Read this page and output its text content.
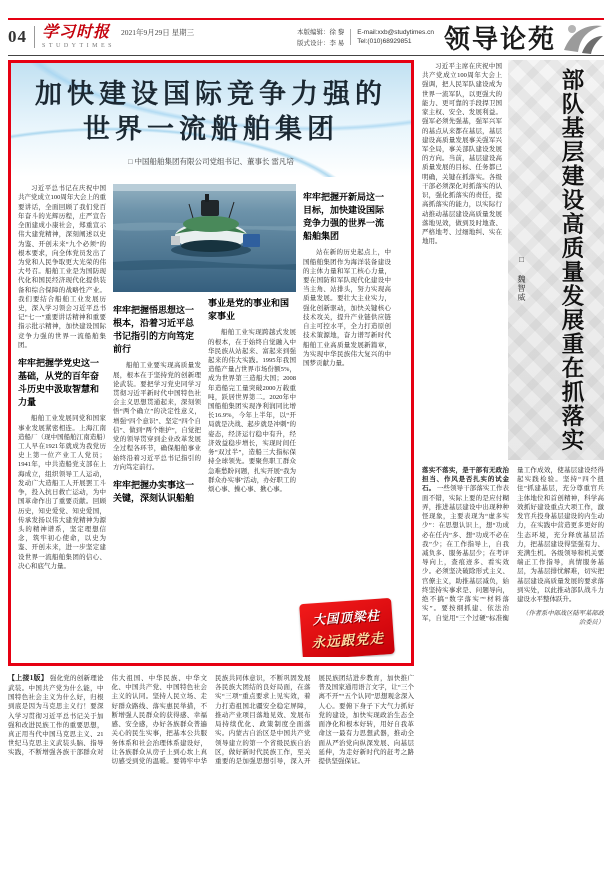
04 学习时报
STUDYTIMES
2021年9月29日 星期三	本版编辑：徐 黎
版式设计：李 易
E-mail:xxb@studytimes.cn
Tel:(010)68929851	领导论苑
加快建设国际竞争力强的
世界一流船舶集团
□ 中国船舶集团有限公司党组书记、董事长 雷凡培

习近平总书记在庆祝中国共产党成立100周年大会上的重要讲话，全面回顾了我们党百年奋斗的光辉历程，庄严宣告全面建成小康社会，郑重宣示伟大建党精神，深刻阐述以史为鉴、开创未来“九个必须”的根本要求，向全体党员发出了为党和人民争取更大光荣的伟大号召。船舶工业是为国防现代化和国民经济现代化提供装备和综合保障的战略性产业。我们要结合船舶工业发展历史，深入学习领会习近平总书记“七一”重要讲话精神和重要指示批示精神，加快建设国际竞争力强的世界一流船舶集团。

牢牢把握学党史这一基础，从党的百年奋斗历史中汲取智慧和力量

船舶工业发展同党和国家事业发展紧密相连。上海江南造船厂（现中国船舶江南造船）工人早在1921年就成为我党历史上第一位产业工人党员；1941年，中共造船党支部在上海成立，组织领导工人运动，发动广大造船工人开展罢工斗争，投入抗日救亡运动，为中国革命作出了重要贡献。回顾历史，知史爱党、知史爱国，传承发扬以伟大建党精神为源头的精神谱系，坚定理想信念，筑牢初心使命，以史为鉴、开创未来，进一步坚定建设世界一流船舶集团的信心、决心和底气力量。

牢牢把握悟思想这一根本，沿着习近平总书记指引的方向笃定前行

船舶工业要实现高质量发展，根本在于坚持党的创新理论武装。要把学习党史同学习贯彻习近平新时代中国特色社会主义思想贯通起来，深刻领悟“两个确立”的决定性意义，增强“四个意识”、坚定“四个自信”、做到“两个维护”，自觉把党的领导贯穿到企业改革发展全过程各环节，确保船舶事业始终沿着习近平总书记指引的方向笃定前行。

牢牢把握办实事这一关键，深刻认识船舶事业是党的事业和国家事业

船舶工业实现跨越式发展的根本，在于始终自觉融入中华民族从站起来、富起来到强起来的伟大实践。1995年我国造船产量占世界市场份额5%，成为世界第三造船大国；2008年造船完工量突破2000万载重吨，跃居世界第二。2020年中国船舶集团实现净利润同比增长16.9%，今年上半年，以“开局就是决战、起步就是冲刺”的姿态，经济运行稳中有升，经济效益稳步增长，实现时间任务“双过半”，造船三大指标保持全球领先。要聚焦职工群众急难愁盼问题，扎实开展“我为群众办实事”活动，办好职工的烦心事、操心事、揪心事。

牢牢把握开新局这一目标，加快建设国际竞争力强的世界一流船舶集团

站在新的历史起点上，中国船舶集团作为海洋装备建设的主体力量和军工核心力量，要在国防和军队现代化建设中当主角、站排头，努力实现高质量发展。要壮大主业实力，强化创新驱动，加快关键核心技术攻关，提升产业链供应链自主可控水平，全力打造原创技术策源地，奋力谱写新时代船舶工业高质量发展新篇章，为实现中华民族伟大复兴的中国梦贡献力量。

大国顶梁柱
永远跟党走

【上接1版】 强化党的创新理论武装。中国共产党为什么能，中国特色社会主义为什么好，归根到底是因为马克思主义行！要深入学习贯彻习近平总书记关于加强和改进民族工作的重要思想，真正用当代中国马克思主义、21世纪马克思主义武装头脑、指导实践，不断增强各族干部群众对伟大祖国、中华民族、中华文化、中国共产党、中国特色社会主义的认同。坚持人民立场、走好群众路线、落实惠民举措，不断增强人民群众的获得感、幸福感、安全感，办好各族群众普遍关心的民生实事，把基本公共服务体系和社会治理体系建设好，让各族群众从房子上到心坎上真切感受到党的温暖。要铸牢中华民族共同体意识，不断巩固发展各民族大团结的良好局面，在落实“三项”重点要求上见实效，着力打造祖国北疆安全稳定屏障，推动产业项目落地见效、发展布局持续优化、政策制度全面落实。内蒙古自治区是中国共产党领导建立的第一个省级民族自治区，做好新时代民族工作，至关重要的是加强思想引导，深入开展民族团结进步教育，加快推广普及国家通用语言文字，让“三个离不开”“五个认同”思想观念深入人心。要俯下身子下大气力抓好党的建设，加快实现政治生态全面净化和根本好转，用好自我革命这一最有力思想武器，推动全面从严治党向纵深发展、向基层延伸，为走好新时代的赶考之路提供坚强保证。

习近平主席在庆祝中国共产党成立100周年大会上强调，把人民军队建设成为世界一流军队，以更强大的能力、更可靠的手段捍卫国家主权、安全、发展利益。强军必须先强基，强军兴军的基点从来都在基层，基层建设高质量发展事关强军兴军全局，事关部队建设发展的方向。当前，基层建设高质量发展的目标、任务都已明确，关键在抓落实。各级干部必须深化对抓落实的认识，强化抓落实的责任，提高抓落实的能力，以实际行动推动基层建设高质量发展落地见效，做到及时地查、严格地考、过细地纠、实在地用。	部队基层建设高质量发展重在抓落实
□ 魏智威

落实不落实，是干部有无政治担当、作风是否扎实的试金石。 一些领导干部落实工作表面不错，实际上要的是应付糊弄，推进基层建设中出现种种怪现象，主要表现为“虚多实少”：在思想认识上，想“功成必在任内”多、想“功成不必在我”少；在工作指导上，自我减负多、服务基层少；在考评导向上，查痕迹多、看实效少。必须坚决破除形式主义、官僚主义，助推基层减负，始终坚持实事求是、问题导向，绝不搞“数字落实”“材料落实”。要按纲抓建、依法治军，自觉用“三个过硬”标准衡量工作成效，使基层建设经得起实践检验。坚持“四个扭住”抓建基层，充分尊重官兵主体地位和首创精神，科学高效抓好建设重点大项工作，激发官兵投身基层建设的内生动力，在实践中营造更多更好的生态环境，充分释放基层活力，把基层建设得坚强有力、充满生机。各级领导和机关要端正工作指导，真情服务基层，为基层排忧解难，切实把基层建设高质量发展的要求落到实处，以此推动部队战斗力建设水平整体跃升。

（作者系中部战区陆军某部政治委员）
